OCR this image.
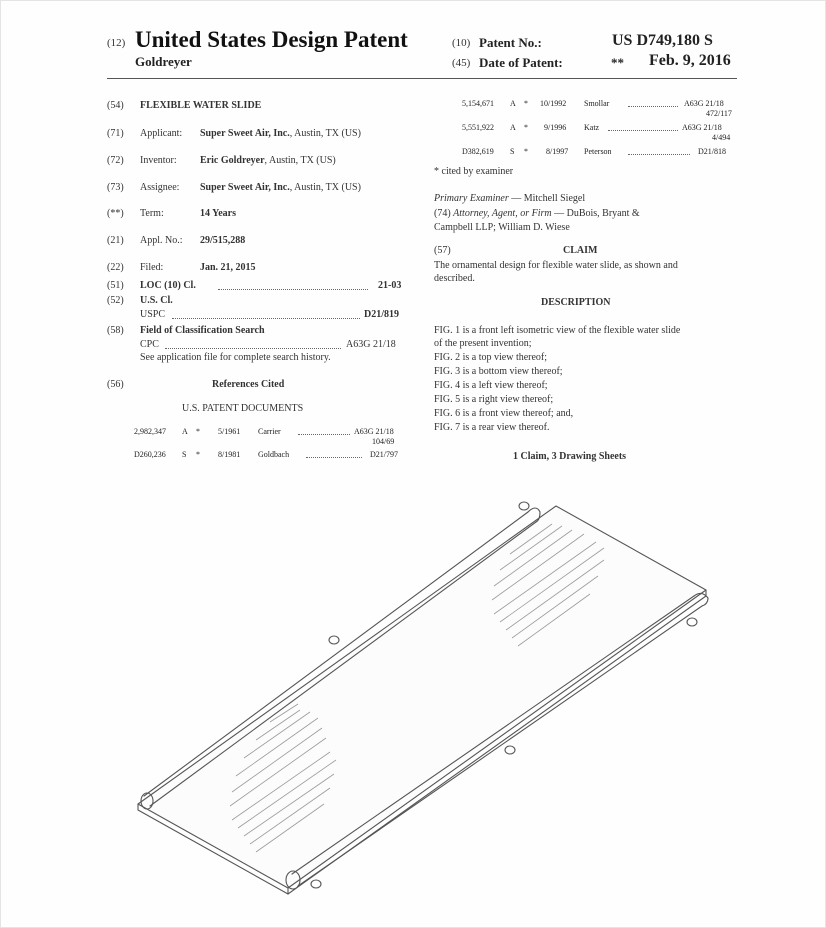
(12) United States Design Patent
Goldreyer
(10) Patent No.:	US D749,180 S
(45) Date of Patent:	** Feb. 9, 2016
(54) FLEXIBLE WATER SLIDE
(71) Applicant: Super Sweet Air, Inc., Austin, TX (US)
(72) Inventor: Eric Goldreyer, Austin, TX (US)
(73) Assignee: Super Sweet Air, Inc., Austin, TX (US)
(**) Term:	14 Years
(21) Appl. No.: 29/515,288
(22) Filed:	Jan. 21, 2015
(51) LOC (10) Cl.	21-03
(52) U.S. Cl.
USPC	D21/819
(58) Field of Classification Search
CPC	A63G 21/18
See application file for complete search history.
(56)	References Cited
U.S. PATENT DOCUMENTS
2,982,347 A * 5/1961 Carrier	A63G 21/18
104/69
D260,236 S * 8/1981 Goldbach	D21/797
5,154,671 A * 10/1992 Smollar	A63G 21/18
472/117
5,551,922 A * 9/1996 Katz	A63G 21/18
4/494
D382,619 S * 8/1997 Peterson	D21/818
* cited by examiner
Primary Examiner — Mitchell Siegel
(74) Attorney, Agent, or Firm — DuBois, Bryant &
Campbell LLP; William D. Wiese
(57)	CLAIM
The ornamental design for flexible water slide, as shown and
described.
DESCRIPTION
FIG. 1 is a front left isometric view of the flexible water slide
of the present invention;
FIG. 2 is a top view thereof;
FIG. 3 is a bottom view thereof;
FIG. 4 is a left view thereof;
FIG. 5 is a right view thereof;
FIG. 6 is a front view thereof; and,
FIG. 7 is a rear view thereof.
1 Claim, 3 Drawing Sheets
